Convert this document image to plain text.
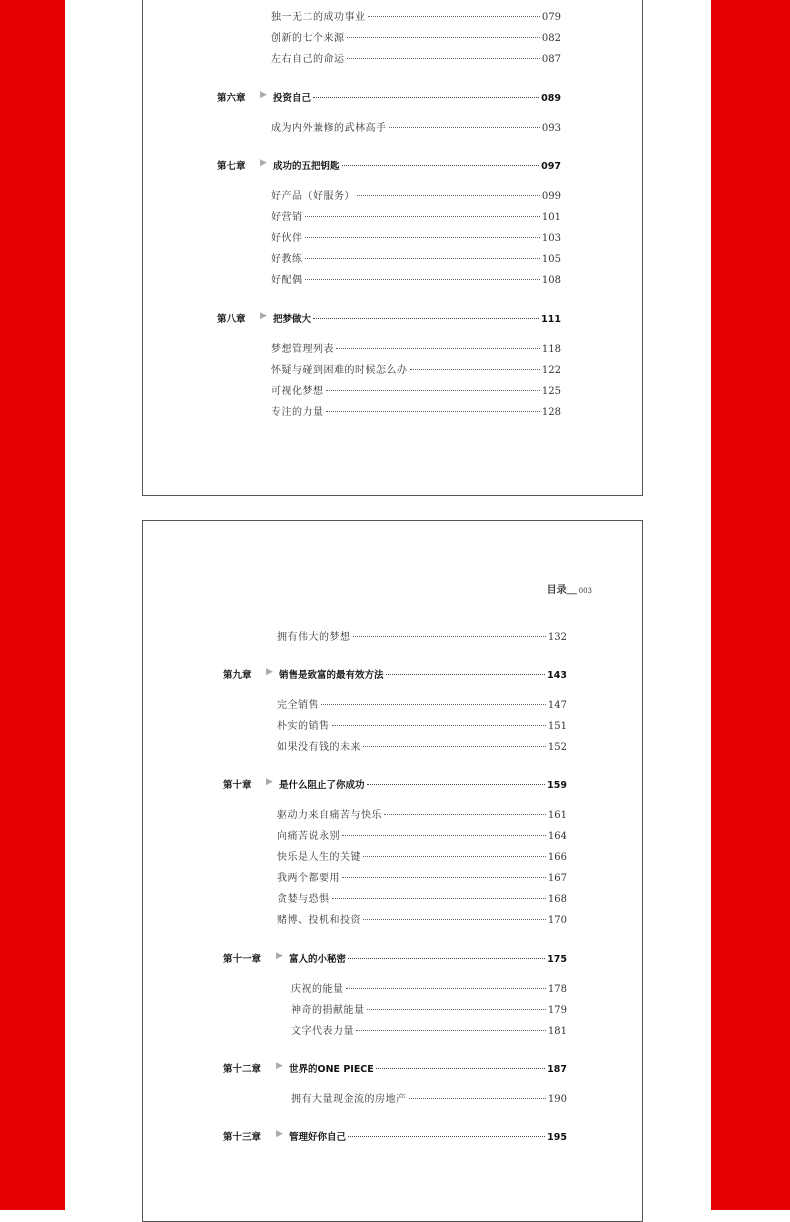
独一无二的成功事业	079
创新的七个来源	082
左右自己的命运	087
第六章 ▶ 投资自己	089
成为内外兼修的武林高手	093
第七章 ▶ 成功的五把钥匙	097
好产品（好服务）	099
好营销	101
好伙伴	103
好教练	105
好配偶	108
第八章 ▶ 把梦做大	111
梦想管理列表	118
怀疑与碰到困难的时候怎么办	122
可视化梦想	125
专注的力量	128
目录＿ 003
拥有伟大的梦想	132
第九章 ▶ 销售是致富的最有效方法	143
完全销售	147
朴实的销售	151
如果没有钱的未来	152
第十章 ▶ 是什么阻止了你成功	159
驱动力来自痛苦与快乐	161
向痛苦说永别	164
快乐是人生的关键	166
我两个都要用	167
贪婪与恐惧	168
赌博、投机和投资	170
第十一章 ▶ 富人的小秘密	175
庆祝的能量	178
神奇的捐献能量	179
文字代表力量	181
第十二章 ▶ 世界的ONE PIECE	187
拥有大量现金流的房地产	190
第十三章 ▶ 管理好你自己	195
